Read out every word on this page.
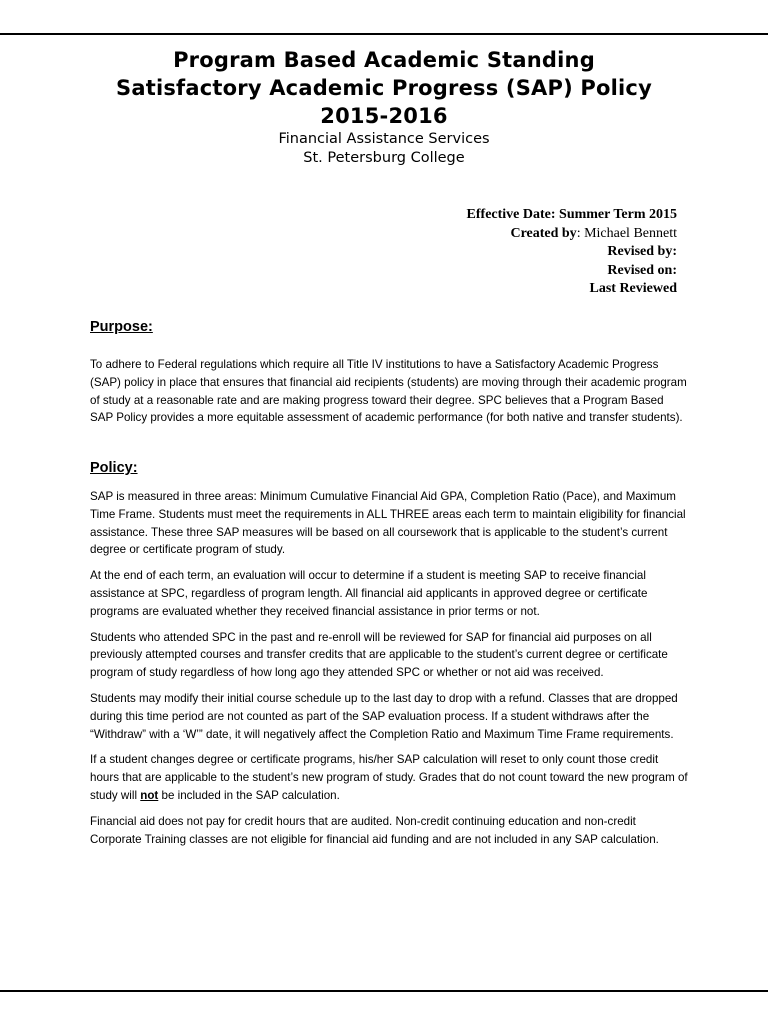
Program Based Academic Standing
Satisfactory Academic Progress (SAP) Policy
2015-2016
Financial Assistance Services
St. Petersburg College
Effective Date: Summer Term 2015
Created by: Michael Bennett
Revised by:
Revised on:
Last Reviewed
Purpose:

To adhere to Federal regulations which require all Title IV institutions to have a Satisfactory Academic Progress (SAP) policy in place that ensures that financial aid recipients (students) are moving through their academic program of study at a reasonable rate and are making progress toward their degree. SPC believes that a Program Based SAP Policy provides a more equitable assessment of academic performance (for both native and transfer students).

Policy:

SAP is measured in three areas: Minimum Cumulative Financial Aid GPA, Completion Ratio (Pace), and Maximum Time Frame. Students must meet the requirements in ALL THREE areas each term to maintain eligibility for financial assistance. These three SAP measures will be based on all coursework that is applicable to the student’s current degree or certificate program of study.

At the end of each term, an evaluation will occur to determine if a student is meeting SAP to receive financial assistance at SPC, regardless of program length. All financial aid applicants in approved degree or certificate programs are evaluated whether they received financial assistance in prior terms or not.

Students who attended SPC in the past and re-enroll will be reviewed for SAP for financial aid purposes on all previously attempted courses and transfer credits that are applicable to the student’s current degree or certificate program of study regardless of how long ago they attended SPC or whether or not aid was received.

Students may modify their initial course schedule up to the last day to drop with a refund. Classes that are dropped during this time period are not counted as part of the SAP evaluation process. If a student withdraws after the “Withdraw” with a ‘W’” date, it will negatively affect the Completion Ratio and Maximum Time Frame requirements.

If a student changes degree or certificate programs, his/her SAP calculation will reset to only count those credit hours that are applicable to the student’s new program of study. Grades that do not count toward the new program of study will not be included in the SAP calculation.

Financial aid does not pay for credit hours that are audited. Non-credit continuing education and non-credit Corporate Training classes are not eligible for financial aid funding and are not included in any SAP calculation.
